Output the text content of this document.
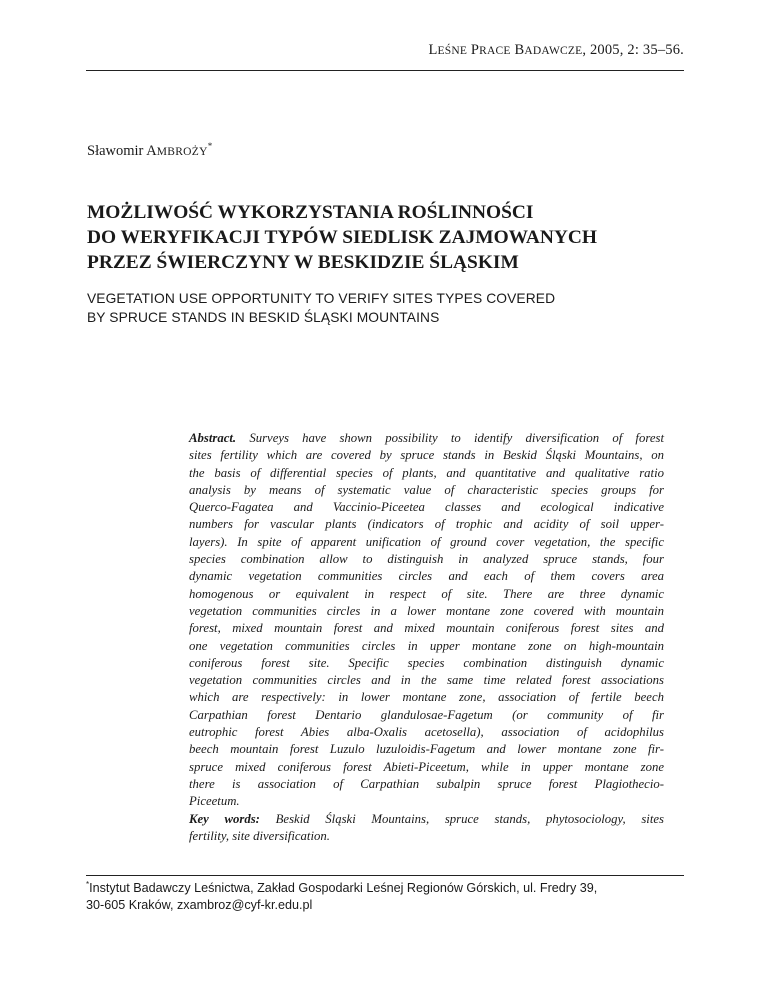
LEŚNE PRACE BADAWCZE, 2005, 2: 35–56.
Sławomir AMBROŻY*
MOŻLIWOŚĆ WYKORZYSTANIA ROŚLINNOŚCI
DO WERYFIKACJI TYPÓW SIEDLISK ZAJMOWANYCH
PRZEZ ŚWIERCZYNY W BESKIDZIE ŚLĄSKIM
VEGETATION USE OPPORTUNITY TO VERIFY SITES TYPES COVERED
BY SPRUCE STANDS IN BESKID ŚLĄSKI MOUNTAINS
Abstract. Surveys have shown possibility to identify diversification of forest
sites fertility which are covered by spruce stands in Beskid Śląski Mountains, on
the basis of differential species of plants, and quantitative and qualitative ratio
analysis by means of systematic value of characteristic species groups for
Querco-Fagatea and Vaccinio-Piceetea classes and ecological indicative
numbers for vascular plants (indicators of trophic and acidity of soil upper-
layers). In spite of apparent unification of ground cover vegetation, the specific
species combination allow to distinguish in analyzed spruce stands, four
dynamic vegetation communities circles and each of them covers area
homogenous or equivalent in respect of site. There are three dynamic
vegetation communities circles in a lower montane zone covered with mountain
forest, mixed mountain forest and mixed mountain coniferous forest sites and
one vegetation communities circles in upper montane zone on high-mountain
coniferous forest site. Specific species combination distinguish dynamic
vegetation communities circles and in the same time related forest associations
which are respectively: in lower montane zone, association of fertile beech
Carpathian forest Dentario glandulosae-Fagetum (or community of fir
eutrophic forest Abies alba-Oxalis acetosella), association of acidophilus
beech mountain forest Luzulo luzuloidis-Fagetum and lower montane zone fir-
spruce mixed coniferous forest Abieti-Piceetum, while in upper montane zone
there is association of Carpathian subalpin spruce forest Plagiothecio-
Piceetum.
Key words: Beskid Śląski Mountains, spruce stands, phytosociology, sites
fertility, site diversification.
*Instytut Badawczy Leśnictwa, Zakład Gospodarki Leśnej Regionów Górskich, ul. Fredry 39,
30-605 Kraków, zxambroz@cyf-kr.edu.pl
